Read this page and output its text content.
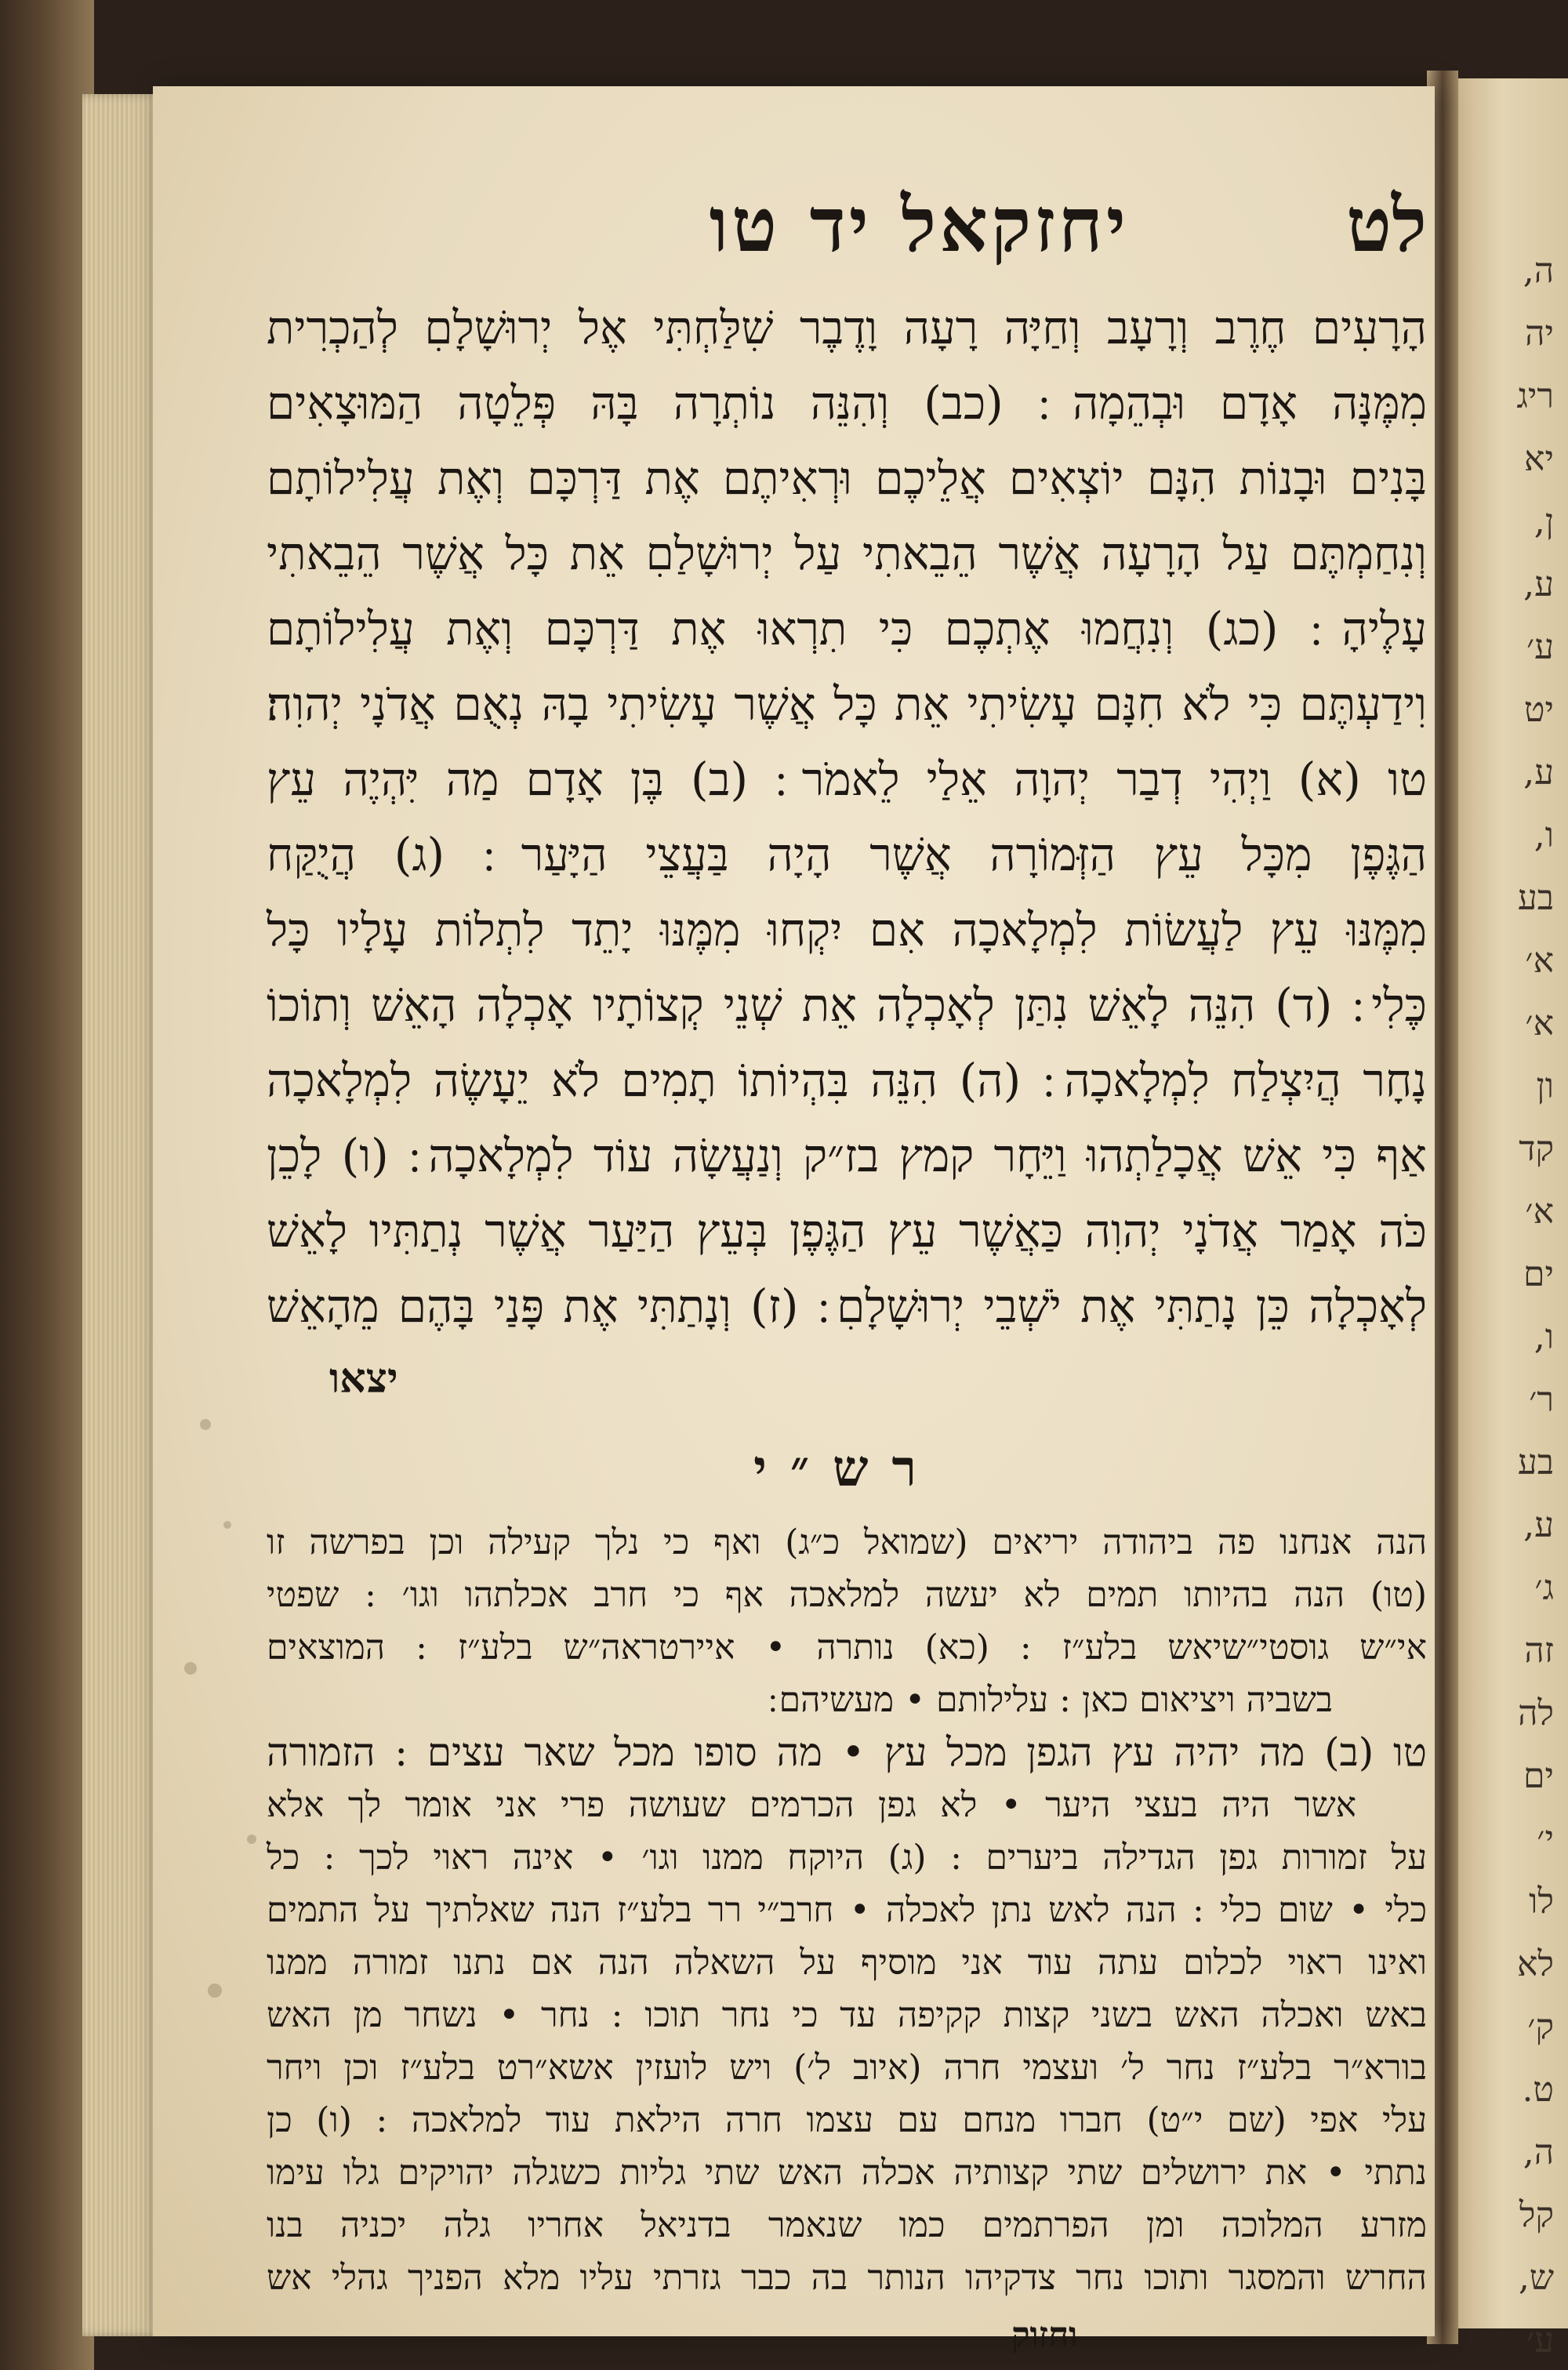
ה,
יה
ריג
יא
ן,
ע,
ע׳
יט
ע,
ו,
בע
א׳
א׳
ון
קד
א׳
ים
ו,
ר׳
בע
ע,
ג׳
זה
לה
ים
י׳
לו
לא
ק׳
ט.
ה,
קל
ש,
ע׳
לט
יחזקאל יד טו
הָרָעִים חֶרֶב וְרָעָב וְחַיָּה רָעָה וָדֶבֶר שִׁלַּחְתִּי אֶל יְרוּשָׁלָםִ לְהַכְרִית
מִמֶּנָּה אָדָם וּבְהֵמָה ׃ (כב) וְהִנֵּה נוֹתְרָה בָּהּ פְּלֵטָה הַמּוּצָאִים
בָּנִים וּבָנוֹת הִנָּם יוֹצְאִים אֲלֵיכֶם וּרְאִיתֶם אֶת דַּרְכָּם וְאֶת עֲלִילוֹתָם
וְנִחַמְתֶּם עַל הָרָעָה אֲשֶׁר הֵבֵאתִי עַל יְרוּשָׁלַםִ אֵת כָּל אֲשֶׁר הֵבֵאתִי
עָלֶיהָ ׃ (כג) וְנִחֲמוּ אֶתְכֶם כִּי תִרְאוּ אֶת דַּרְכָּם וְאֶת עֲלִילוֹתָם
וִידַעְתֶּם כִּי לֹא חִנָּם עָשִׂיתִי אֵת כָּל אֲשֶׁר עָשִׂיתִי בָהּ נְאֻם אֲדֹנָי יְהוִה׃
טו (א) וַיְהִי דְבַר יְהוָה אֵלַי לֵאמֹר ׃ (ב) בֶּן אָדָם מַה יִּהְיֶה עֵץ
הַגֶּפֶן מִכָּל עֵץ הַזְּמוֹרָה אֲשֶׁר הָיָה בַּעֲצֵי הַיָּעַר ׃ (ג) הֲיֻקַּח
מִמֶּנּוּ עֵץ לַעֲשׂוֹת לִמְלָאכָה אִם יִקְחוּ מִמֶּנּוּ יָתֵד לִתְלוֹת עָלָיו כָּל
כֶּלִי ׃ (ד) הִנֵּה לָאֵשׁ נִתַּן לְאָכְלָה אֵת שְׁנֵי קְצוֹתָיו אָכְלָה הָאֵשׁ וְתוֹכוֹ
נָחָר הֲיִצְלַח לִמְלָאכָה ׃ (ה) הִנֵּה בִּהְיוֹתוֹ תָמִים לֹא יֵעָשֶׂה לִמְלָאכָה
אַף כִּי אֵשׁ אֲכָלַתְהוּ וַיֵּחָר קמץ בז״ק וְנַעֲשָׂה עוֹד לִמְלָאכָה ׃ (ו) לָכֵן
כֹּה אָמַר אֲדֹנָי יְהוִה כַּאֲשֶׁר עֵץ הַגֶּפֶן בְּעֵץ הַיַּעַר אֲשֶׁר נְתַתִּיו לָאֵשׁ
לְאָכְלָה כֵּן נָתַתִּי אֶת יֹשְׁבֵי יְרוּשָׁלָםִ ׃ (ז) וְנָתַתִּי אֶת פָּנַי בָּהֶם מֵהָאֵשׁ
יצאו
רש״י
הנה אנחנו פה ביהודה יריאים (שמואל כ״ג) ואף כי נלך קעילה וכן בפרשה זו
(טו) הנה בהיותו תמים לא יעשה למלאכה אף כי חרב אכלתהו וגו׳ : שפטי
אי״ש גוסטי״שיאש בלע״ז : (כא) נותרה • איירטראה״ש בלע״ז : המוצאים
בשביה ויציאום כאן : עלילותם • מעשיהם ׃
טו (ב) מה יהיה עץ הגפן מכל עץ • מה סופו מכל שאר עצים : הזמורה
אשר היה בעצי היער • לא גפן הכרמים שעושה פרי אני אומר לך אלא
על זמורות גפן הגדילה ביערים : (ג) היוקח ממנו וגו׳ • אינה ראוי לכך : כל
כלי • שום כלי : הנה לאש נתן לאכלה • חרב״י רר בלע״ז הנה שאלתיך על התמים
ואינו ראוי לכלום עתה עוד אני מוסיף על השאלה הנה אם נתנו זמורה ממנו
באש ואכלה האש בשני קצות קקיפה עד כי נחר תוכו : נחר • נשחר מן האש
בורא״ר בלע״ז נחר ל׳ ועצמי חרה (איוב ל׳) ויש לועזין אשא״רט בלע״ז וכן ויחר
עלי אפי (שם י״ט) חברו מנחם עם עצמו חרה הילאת עוד למלאכה : (ו) כן
נתתי • את ירושלים שתי קצותיה אכלה האש שתי גליות כשגלה יהויקים גלו עימו
מזרע המלוכה ומן הפרתמים כמו שנאמר בדניאל אחריו גלה יכניה בנו
החרש והמסגר ותוכו נחר צדקיהו הנותר בה כבר גזרתי עליו מלא הפניך גהלי אש
וחזוק
